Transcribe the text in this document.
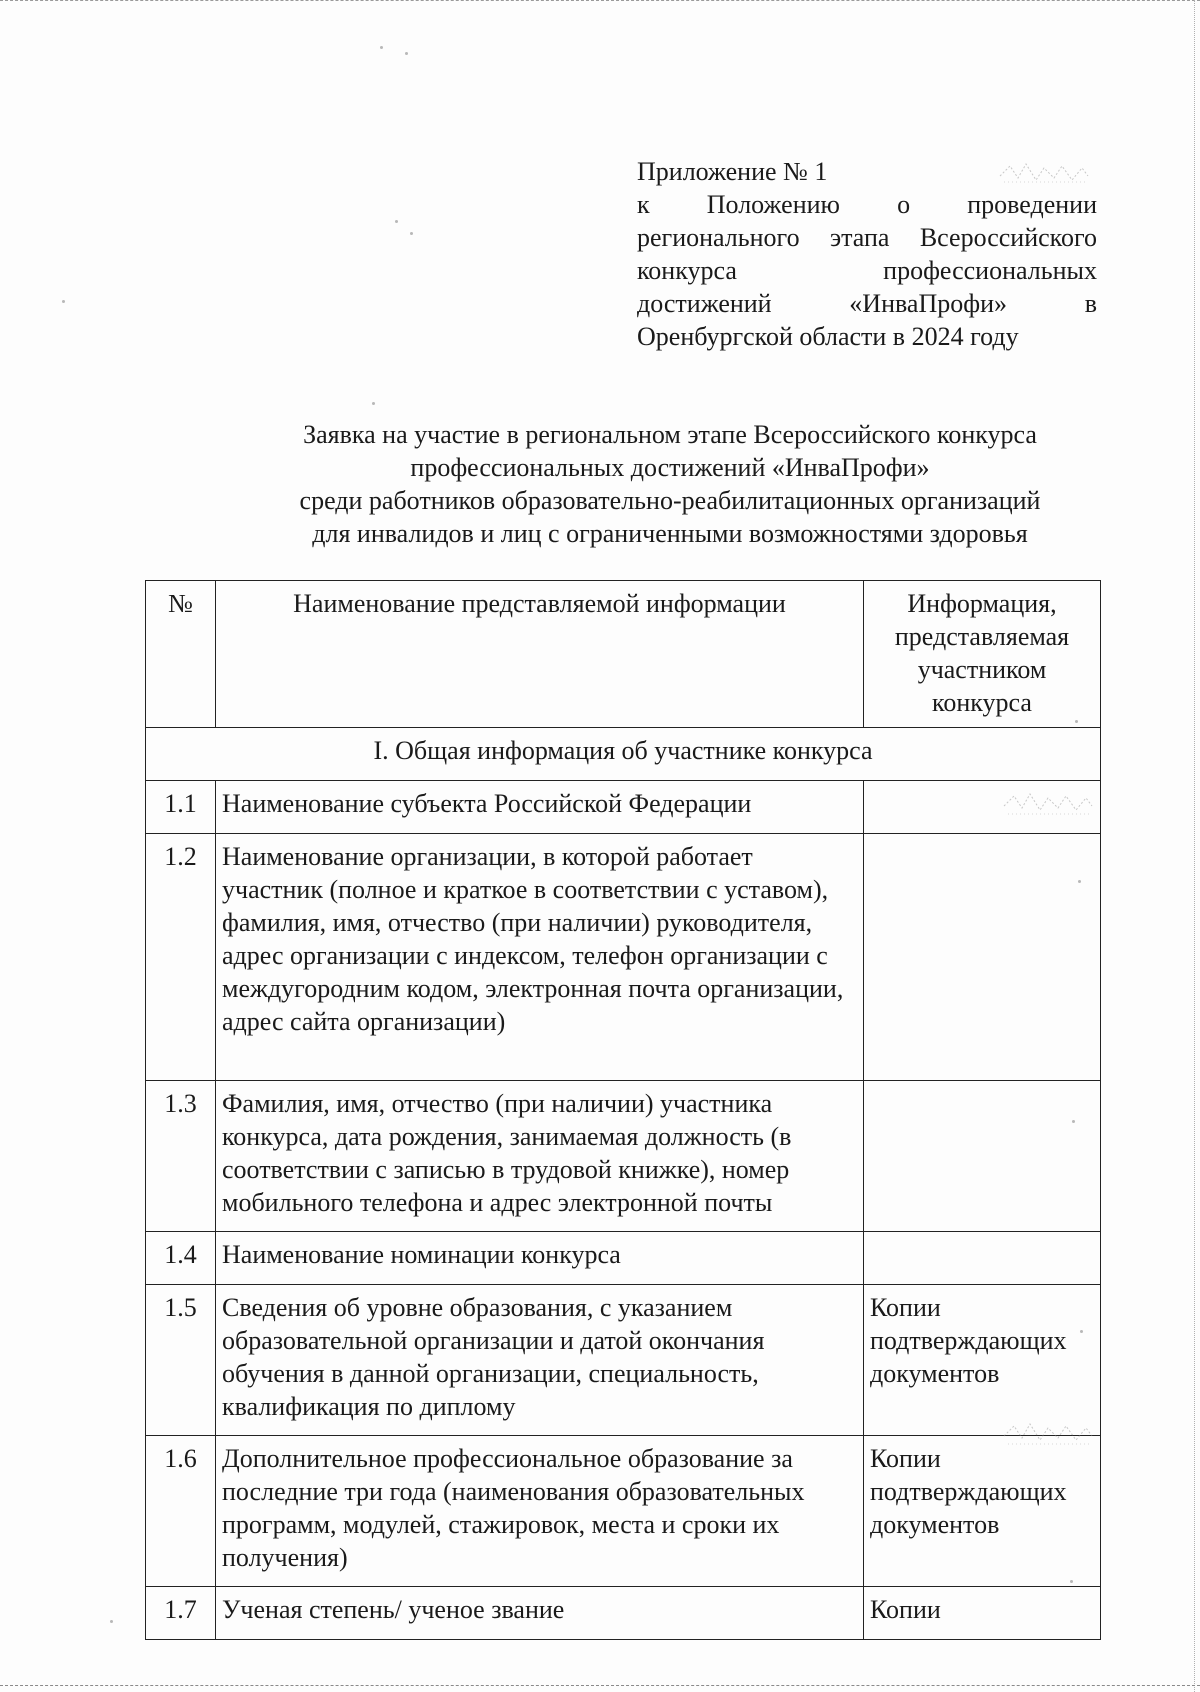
Приложение № 1
к Положению о проведении регионального этапа Всероссийского конкурса профессиональных достижений «ИнваПрофи» в Оренбургской области в 2024 году
Заявка на участие в региональном этапе Всероссийского конкурса
профессиональных достижений «ИнваПрофи»
среди работников образовательно-реабилитационных организаций
для инвалидов и лиц с ограниченными возможностями здоровья
№	Наименование представляемой информации	Информация, представляемая участником конкурса
I. Общая информация об участнике конкурса		
1.1	Наименование субъекта Российской Федерации	
1.2	Наименование организации, в которой работает участник (полное и краткое в соответствии с уставом), фамилия, имя, отчество (при наличии) руководителя, адрес организации с индексом, телефон организации с междугородним кодом, электронная почта организации, адрес сайта организации)	
1.3	Фамилия, имя, отчество (при наличии) участника конкурса, дата рождения, занимаемая должность (в соответствии с записью в трудовой книжке), номер мобильного телефона и адрес электронной почты	
1.4	Наименование номинации конкурса	
1.5	Сведения об уровне образования, с указанием образовательной организации и датой окончания обучения в данной организации, специальность, квалификация по диплому	Копии подтверждающих документов
1.6	Дополнительное профессиональное образование за последние три года (наименования образовательных программ, модулей, стажировок, места и сроки их получения)	Копии подтверждающих документов
1.7	Ученая степень/ ученое звание	Копии
